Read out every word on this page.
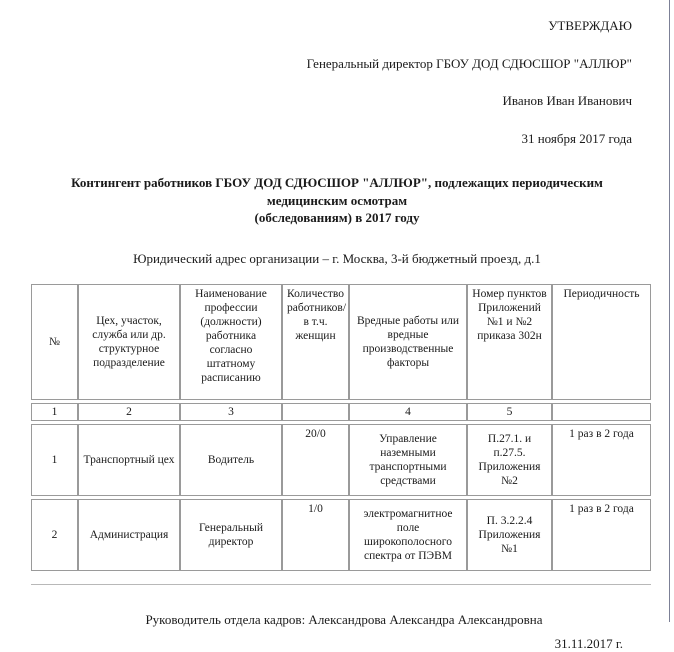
УТВЕРЖДАЮ

Генеральный директор ГБОУ ДОД СДЮСШОР "АЛЛЮР"

Иванов Иван Иванович

31 ноября 2017 года

Контингент работников ГБОУ ДОД СДЮСШОР "АЛЛЮР", подлежащих периодическим
медицинским осмотрам
(обследованиям) в 2017 году

Юридический адрес организации – г. Москва, 3-й бюджетный проезд, д.1

№	Цех, участок, служба или др. структурное подразделение	Наименование профессии (должности) работника согласно штатному расписанию	Количество работников/ в т.ч. женщин	Вредные работы или вредные производственные факторы	Номер пунктов Приложений №1 и №2 приказа 302н	Периодичность
1	2	3		4	5	
1	Транспортный цех	Водитель	20/0	Управление наземными транспортными средствами	П.27.1. и п.27.5. Приложения №2	1 раз в 2 года
2	Администрация	Генеральный директор	1/0	электромагнитное поле широкополосного спектра от ПЭВМ	П. 3.2.2.4 Приложения №1	1 раз в 2 года

Руководитель отдела кадров: Александрова Александра Александровна

31.11.2017 г.
